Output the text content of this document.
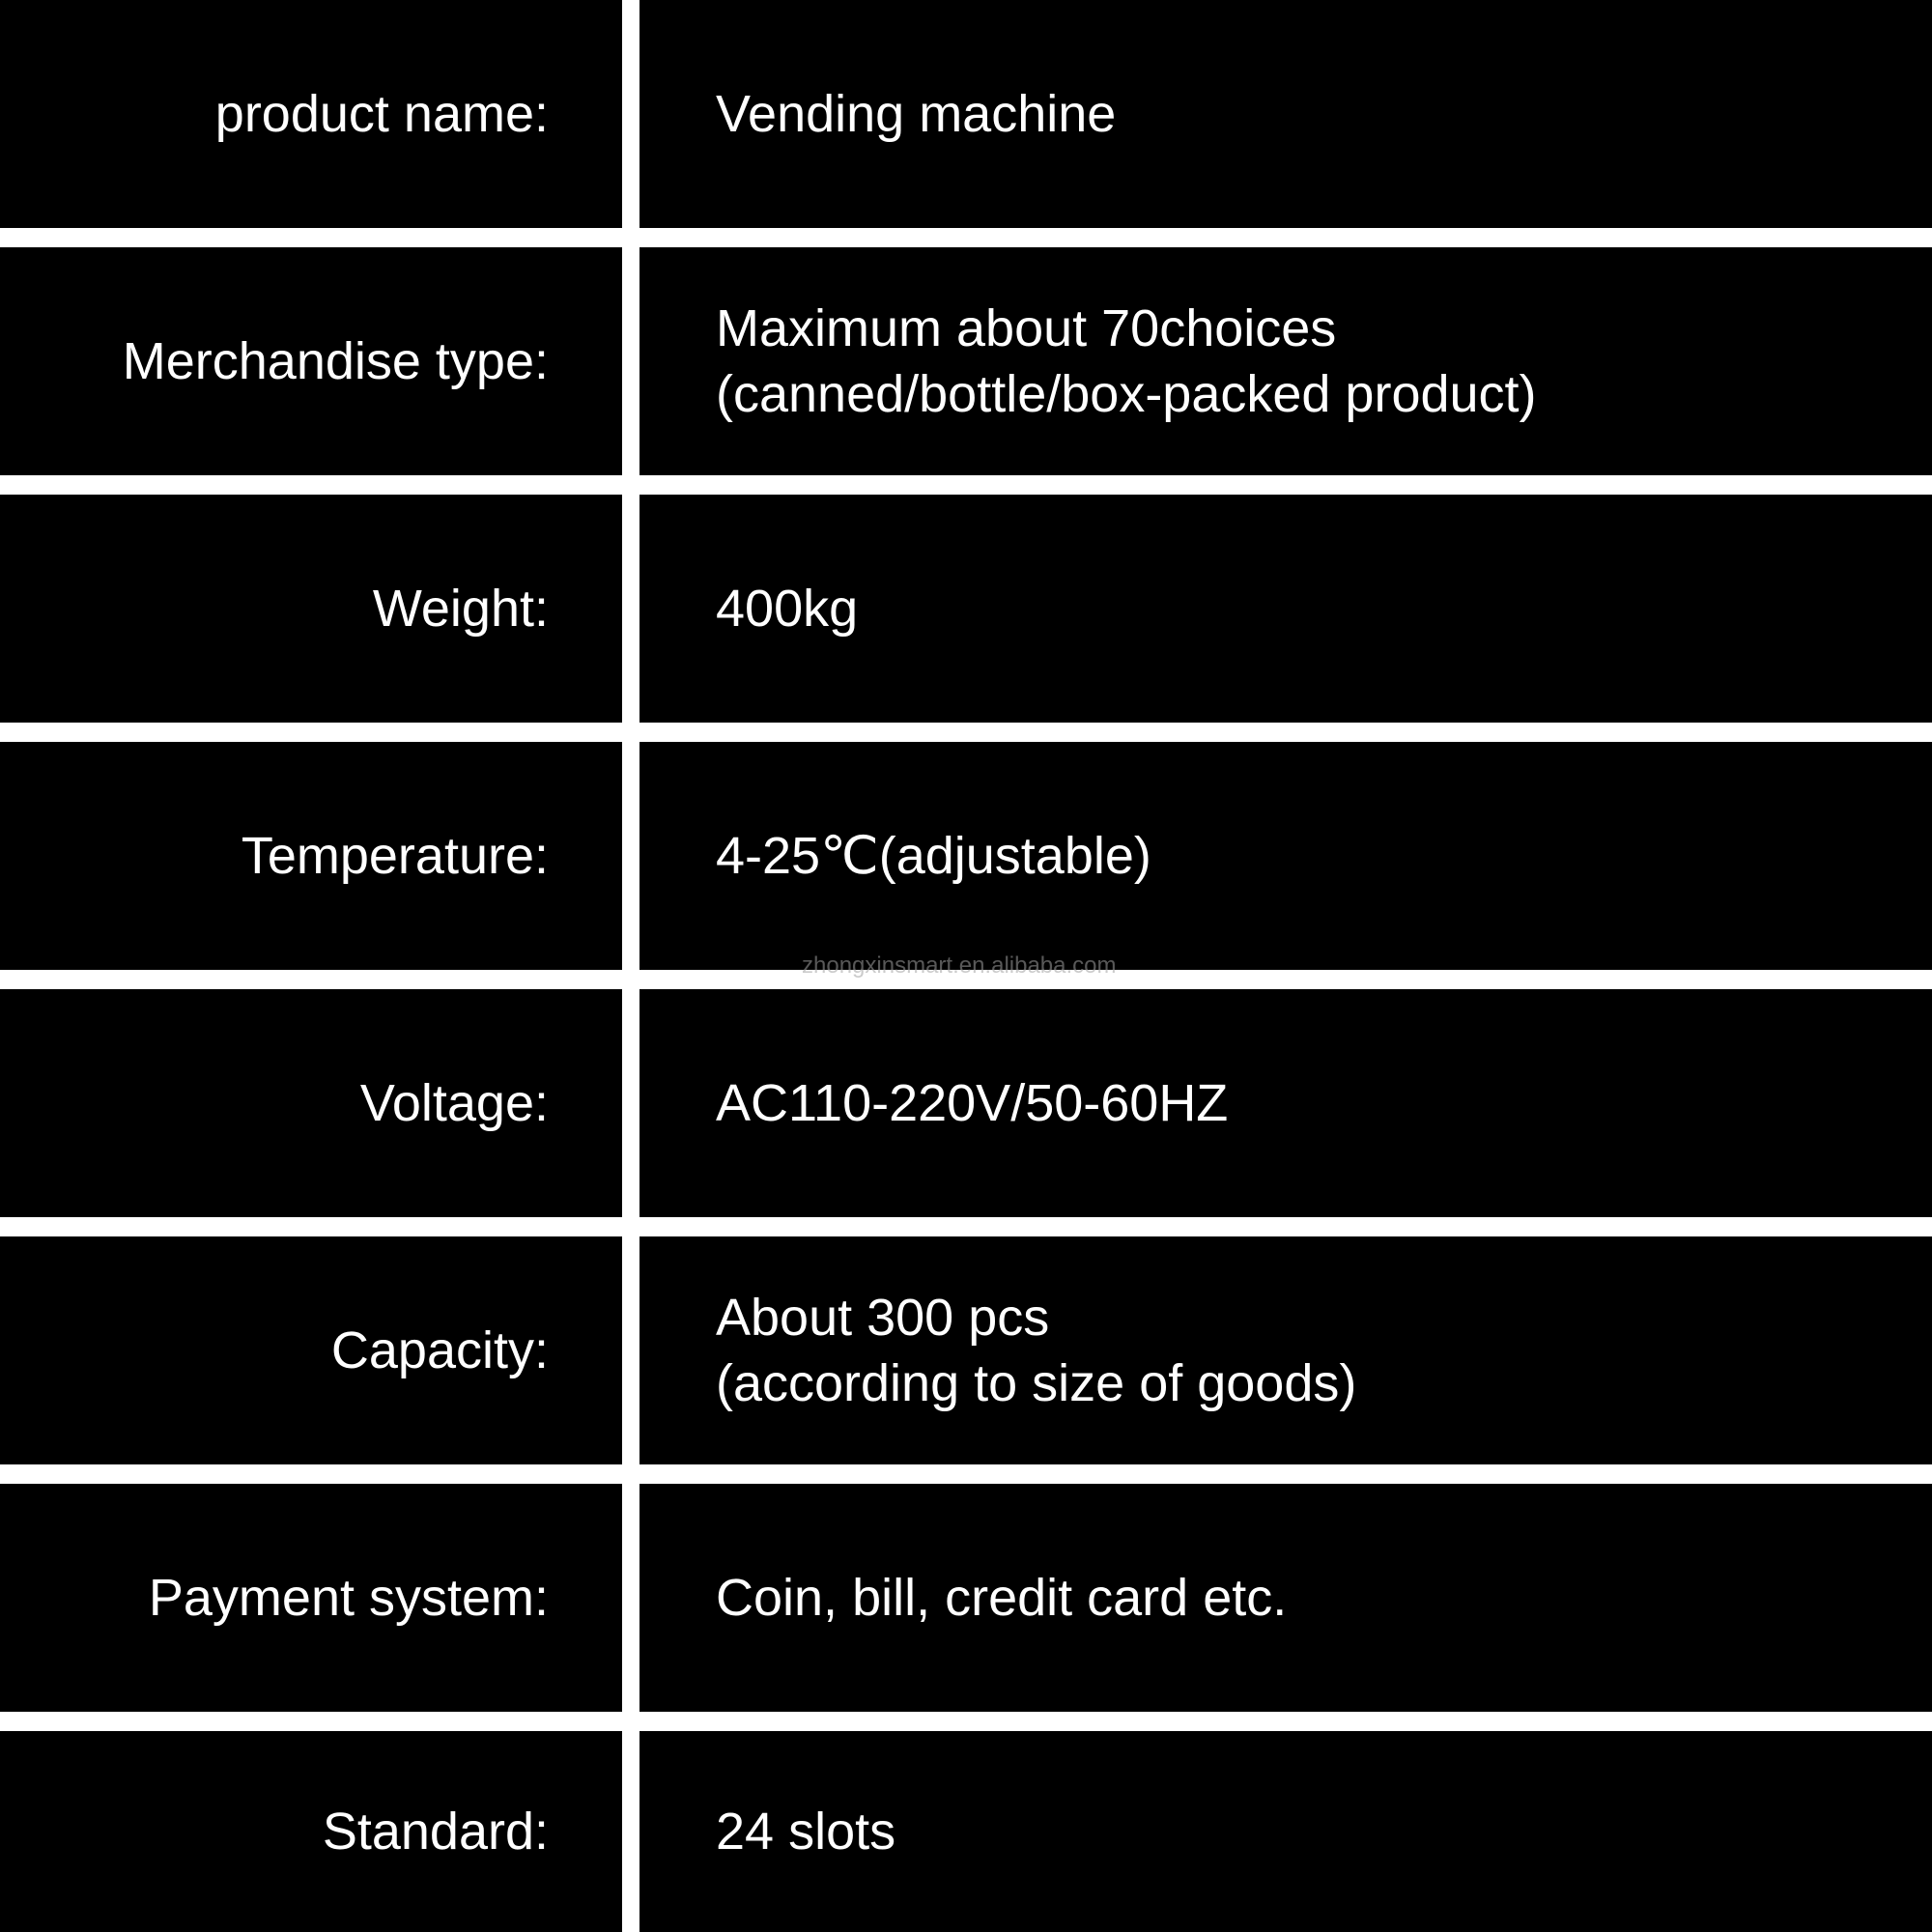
product name:	Vending machine
Merchandise type:
Maximum about 70choices
(canned/bottle/box-packed product)
Weight:	400kg
Temperature:	4-25℃(adjustable)
Voltage:	AC110-220V/50-60HZ
Capacity:
About 300 pcs
(according to size of goods)
Payment system:	Coin, bill, credit card etc.
Standard:	24 slots
zhongxinsmart.en.alibaba.com
